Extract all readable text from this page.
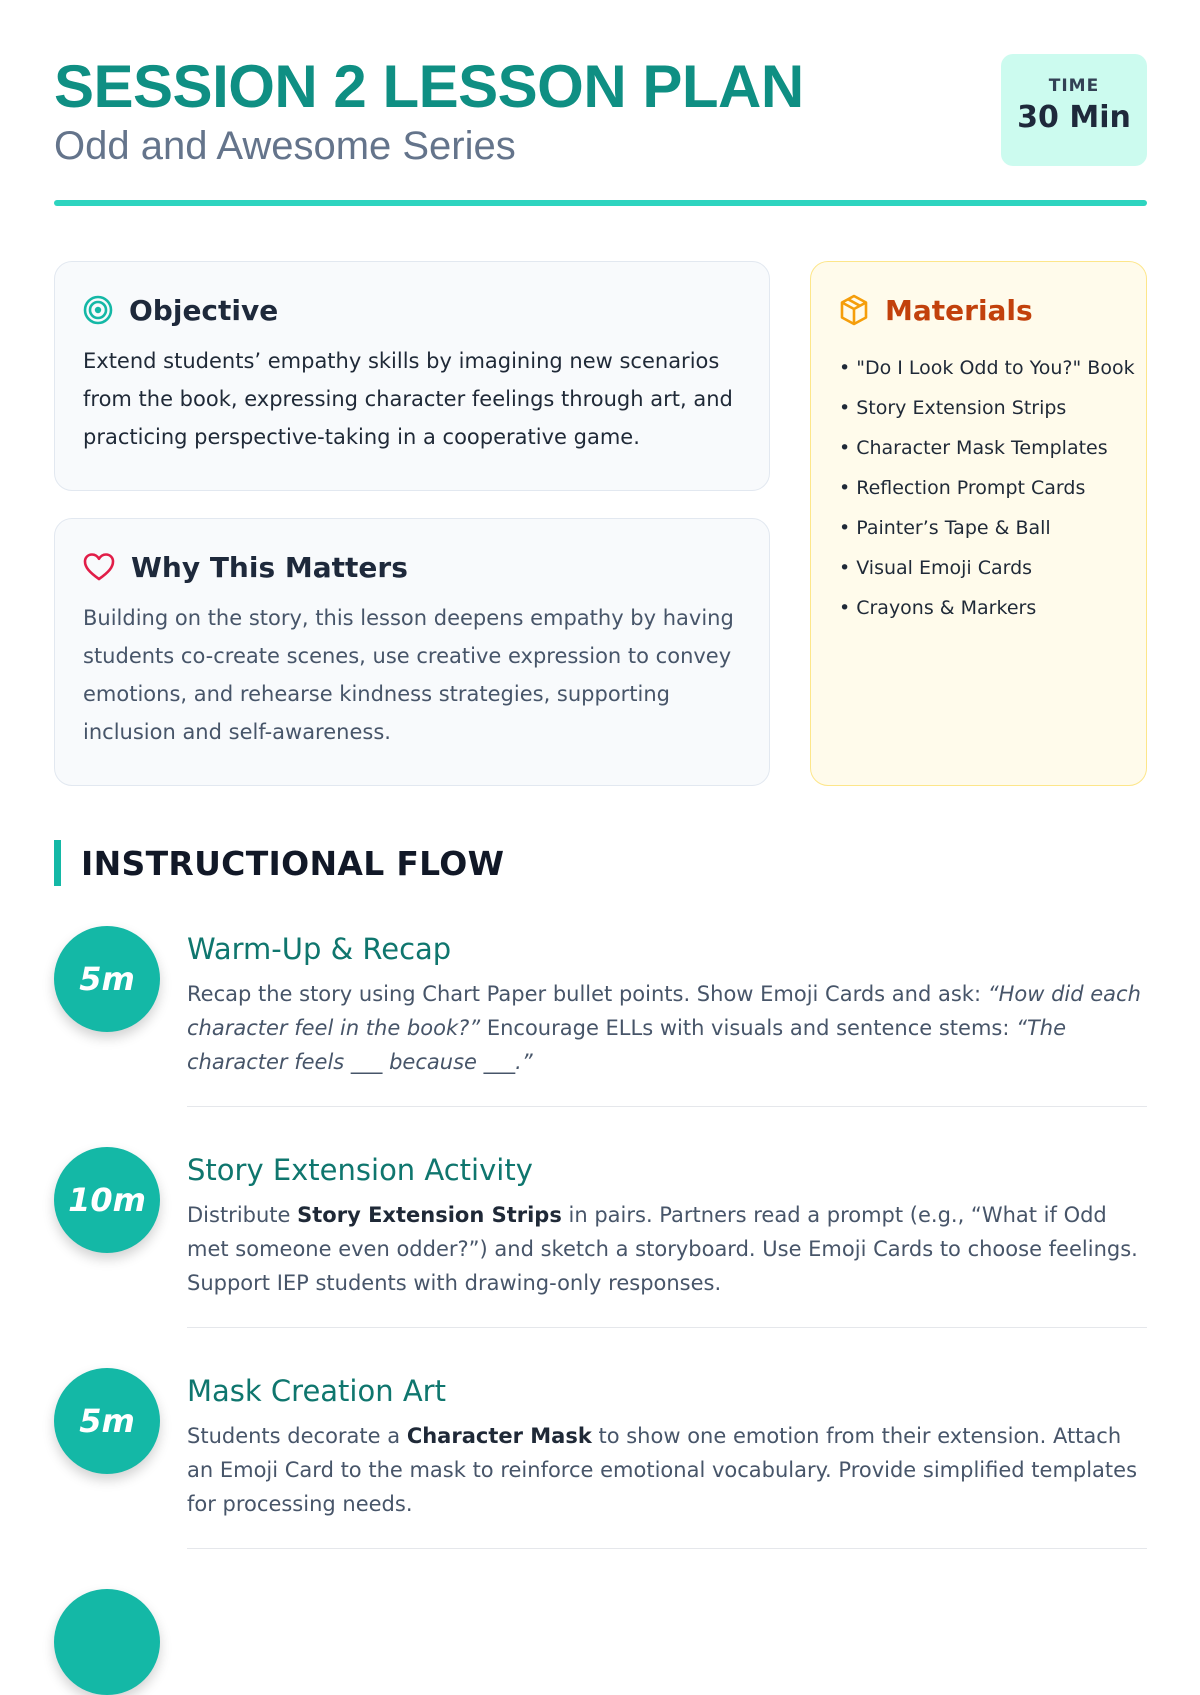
SESSION 2 LESSON PLAN
Odd and Awesome Series
TIME
30 Min
Objective
Extend students’ empathy skills by imagining new scenarios from the book, expressing character feelings through art, and practicing perspective-taking in a cooperative game.
Why This Matters
Building on the story, this lesson deepens empathy by having students co-create scenes, use creative expression to convey emotions, and rehearse kindness strategies, supporting inclusion and self-awareness.
Materials
• "Do I Look Odd to You?" Book
• Story Extension Strips
• Character Mask Templates
• Reflection Prompt Cards
• Painter’s Tape & Ball
• Visual Emoji Cards
• Crayons & Markers
INSTRUCTIONAL FLOW
5m
Warm-Up & Recap
Recap the story using Chart Paper bullet points. Show Emoji Cards and ask: “How did each character feel in the book?” Encourage ELLs with visuals and sentence stems: “The character feels ___ because ___.”
10m
Story Extension Activity
Distribute Story Extension Strips in pairs. Partners read a prompt (e.g., “What if Odd met someone even odder?”) and sketch a storyboard. Use Emoji Cards to choose feelings. Support IEP students with drawing-only responses.
5m
Mask Creation Art
Students decorate a Character Mask to show one emotion from their extension. Attach an Emoji Card to the mask to reinforce emotional vocabulary. Provide simplified templates for processing needs.
